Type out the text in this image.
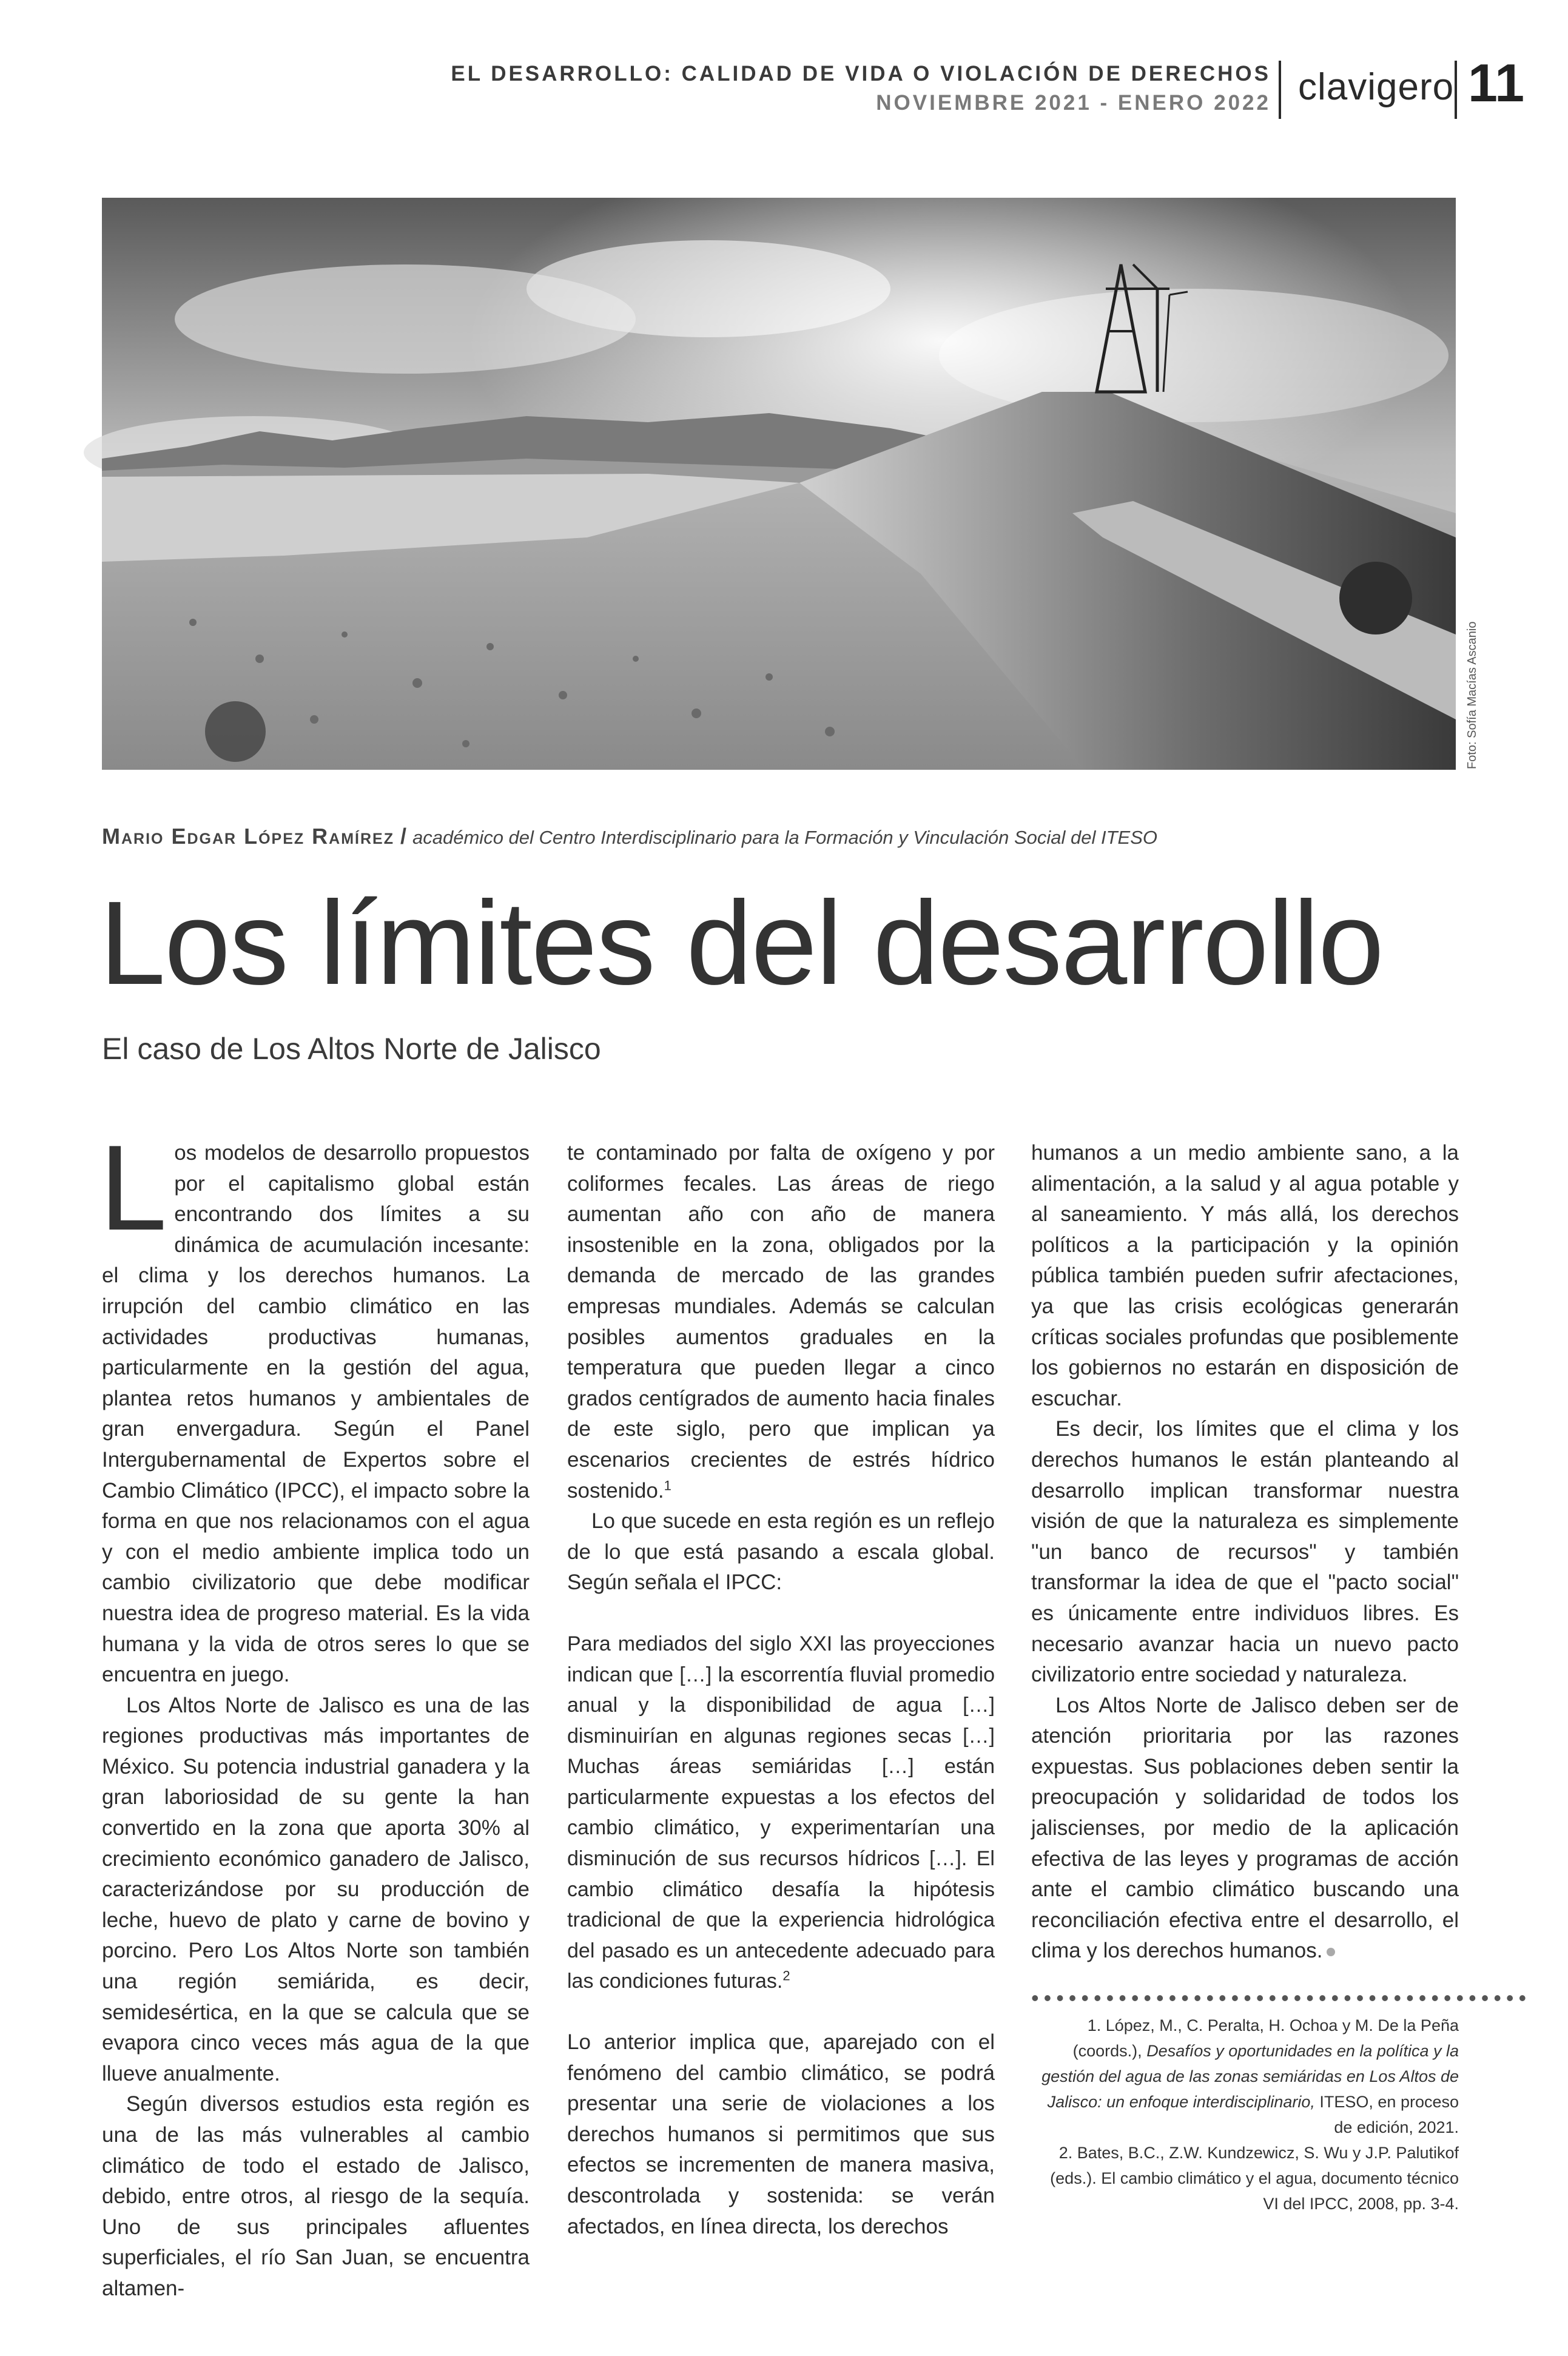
EL DESARROLLO: CALIDAD DE VIDA O VIOLACIÓN DE DERECHOS
NOVIEMBRE 2021 - ENERO 2022 clavigero 11
Foto: Sofía Macías Ascanio
Mario Edgar López Ramírez / académico del Centro Interdisciplinario para la Formación y Vinculación Social del ITESO
Los límites del desarrollo
El caso de Los Altos Norte de Jalisco

Los modelos de desarrollo propuestos por el capitalismo global están encontrando dos límites a su dinámica de acumulación incesante: el clima y los derechos humanos. La irrupción del cambio climático en las actividades productivas humanas, particularmente en la gestión del agua, plantea retos humanos y ambientales de gran envergadura. Según el Panel Intergubernamental de Expertos sobre el Cambio Climático (IPCC), el impacto sobre la forma en que nos relacionamos con el agua y con el medio ambiente implica todo un cambio civilizatorio que debe modificar nuestra idea de progreso material. Es la vida humana y la vida de otros seres lo que se encuentra en juego.

Los Altos Norte de Jalisco es una de las regiones productivas más importantes de México. Su potencia industrial ganadera y la gran laboriosidad de su gente la han convertido en la zona que aporta 30% al crecimiento económico ganadero de Jalisco, caracterizándose por su producción de leche, huevo de plato y carne de bovino y porcino. Pero Los Altos Norte son también una región semiárida, es decir, semidesértica, en la que se calcula que se evapora cinco veces más agua de la que llueve anualmente.

Según diversos estudios esta región es una de las más vulnerables al cambio climático de todo el estado de Jalisco, debido, entre otros, al riesgo de la sequía. Uno de sus principales afluentes superficiales, el río San Juan, se encuentra altamen-

te contaminado por falta de oxígeno y por coliformes fecales. Las áreas de riego aumentan año con año de manera insostenible en la zona, obligados por la demanda de mercado de las grandes empresas mundiales. Además se calculan posibles aumentos graduales en la temperatura que pueden llegar a cinco grados centígrados de aumento hacia finales de este siglo, pero que implican ya escenarios crecientes de estrés hídrico sostenido.$^1$

Lo que sucede en esta región es un reflejo de lo que está pasando a escala global. Según señala el IPCC:

Para mediados del siglo XXI las proyecciones indican que […] la escorrentía fluvial promedio anual y la disponibilidad de agua […] disminuirían en algunas regiones secas […] Muchas áreas semiáridas […] están particularmente expuestas a los efectos del cambio climático, y experimentarían una disminución de sus recursos hídricos […]. El cambio climático desafía la hipótesis tradicional de que la experiencia hidrológica del pasado es un antecedente adecuado para las condiciones futuras.$^2$

Lo anterior implica que, aparejado con el fenómeno del cambio climático, se podrá presentar una serie de violaciones a los derechos humanos si permitimos que sus efectos se incrementen de manera masiva, descontrolada y sostenida: se verán afectados, en línea directa, los derechos

humanos a un medio ambiente sano, a la alimentación, a la salud y al agua potable y al saneamiento. Y más allá, los derechos políticos a la participación y la opinión pública también pueden sufrir afectaciones, ya que las crisis ecológicas generarán críticas sociales profundas que posiblemente los gobiernos no estarán en disposición de escuchar.

Es decir, los límites que el clima y los derechos humanos le están planteando al desarrollo implican transformar nuestra visión de que la naturaleza es simplemente "un banco de recursos" y también transformar la idea de que el "pacto social" es únicamente entre individuos libres. Es necesario avanzar hacia un nuevo pacto civilizatorio entre sociedad y naturaleza.

Los Altos Norte de Jalisco deben ser de atención prioritaria por las razones expuestas. Sus poblaciones deben sentir la preocupación y solidaridad de todos los jaliscienses, por medio de la aplicación efectiva de las leyes y programas de acción ante el cambio climático buscando una reconciliación efectiva entre el desarrollo, el clima y los derechos humanos.

••••••••••••••••••••••••••••••••••••••••

1. López, M., C. Peralta, H. Ochoa y M. De la Peña (coords.), Desafíos y oportunidades en la política y la gestión del agua de las zonas semiáridas en Los Altos de Jalisco: un enfoque interdisciplinario, ITESO, en proceso de edición, 2021.

2. Bates, B.C., Z.W. Kundzewicz, S. Wu y J.P. Palutikof (eds.). El cambio climático y el agua, documento técnico VI del IPCC, 2008, pp. 3-4.
